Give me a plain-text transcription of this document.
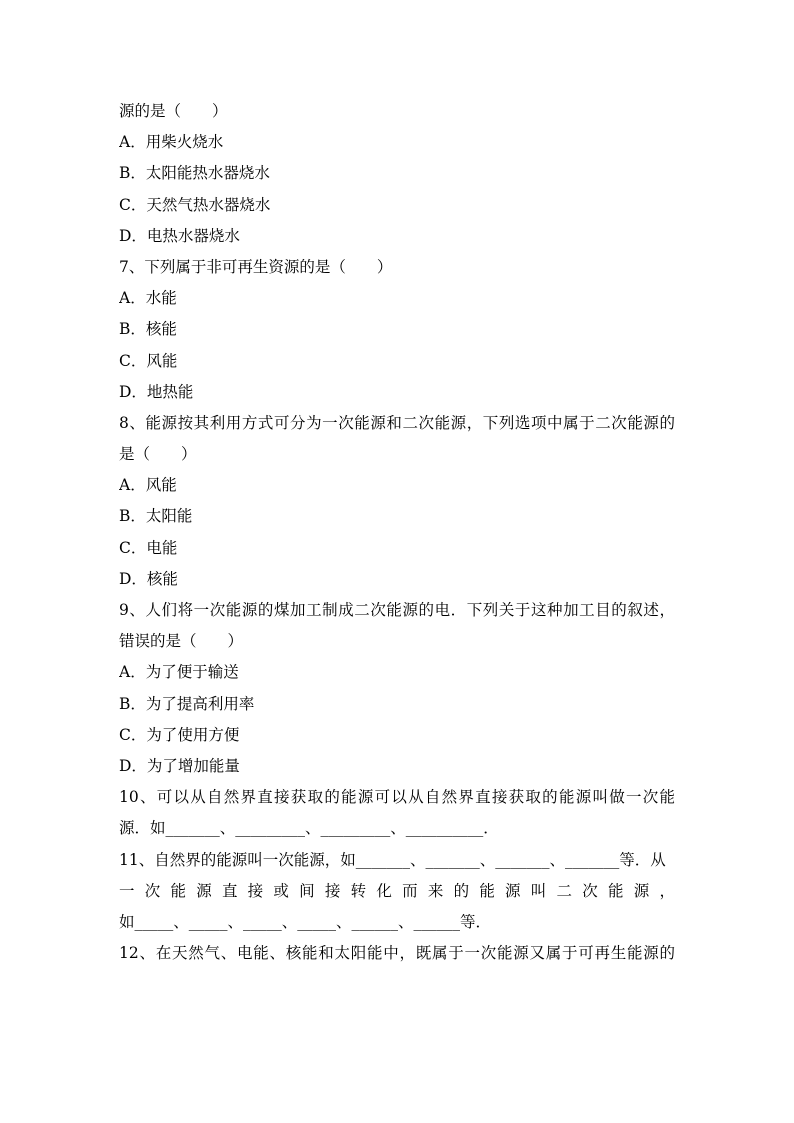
源的是（　　）
A．用柴火烧水
B．太阳能热水器烧水
C．天然气热水器烧水
D．电热水器烧水
7、下列属于非可再生资源的是（　　）
A．水能
B．核能
C．风能
D．地热能
8、能源按其利用方式可分为一次能源和二次能源，下列选项中属于二次能源的
是（　　）
A．风能
B．太阳能
C．电能
D．核能
9、人们将一次能源的煤加工制成二次能源的电．下列关于这种加工目的叙述，
错误的是（　　）
A．为了便于输送
B．为了提高利用率
C．为了使用方便
D．为了增加能量
10、可以从自然界直接获取的能源可以从自然界直接获取的能源叫做一次能
源．如_______、_________、_________、__________．
11、自然界的能源叫一次能源，如_______、_______、_______、_______等．从
一次能源直接或间接转化而来的能源叫二次能源，
如_____、_____、_____、_____、______、______等．
12、在天然气、电能、核能和太阳能中，既属于一次能源又属于可再生能源的
